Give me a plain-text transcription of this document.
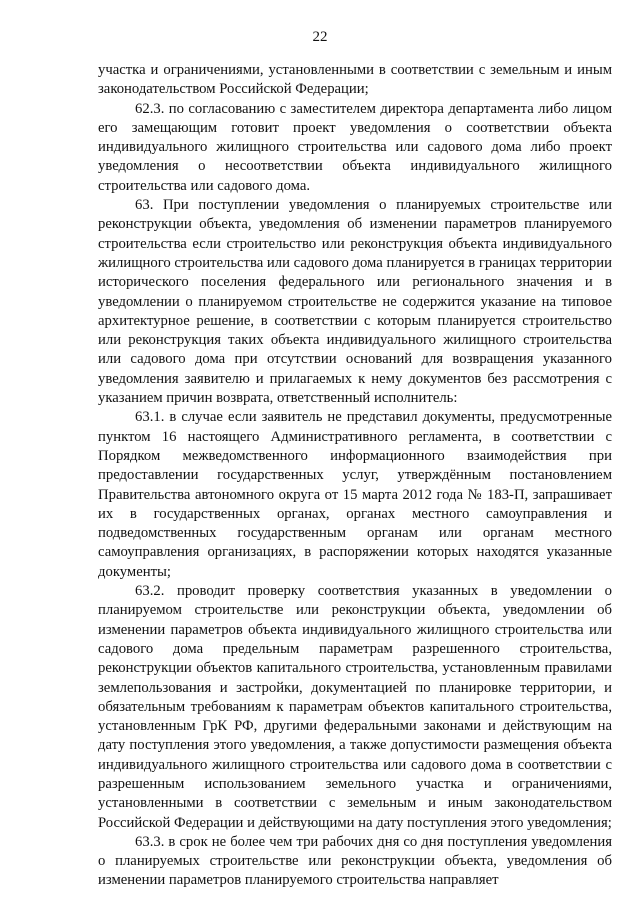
22

участка и ограничениями, установленными в соответствии с земельным и иным законодательством Российской Федерации;

62.3. по согласованию с заместителем директора департамента либо лицом его замещающим готовит проект уведомления о соответствии объекта индивидуального жилищного строительства или садового дома либо проект уведомления о несоответствии объекта индивидуального жилищного строительства или садового дома.

63. При поступлении уведомления о планируемых строительстве или реконструкции объекта, уведомления об изменении параметров планируемого строительства если строительство или реконструкция объекта индивидуального жилищного строительства или садового дома планируется в границах территории исторического поселения федерального или регионального значения и в уведомлении о планируемом строительстве не содержится указание на типовое архитектурное решение, в соответствии с которым планируется строительство или реконструкция таких объекта индивидуального жилищного строительства или садового дома при отсутствии оснований для возвращения указанного уведомления заявителю и прилагаемых к нему документов без рассмотрения с указанием причин возврата, ответственный исполнитель:

63.1. в случае если заявитель не представил документы, предусмотренные пунктом 16 настоящего Административного регламента, в соответствии с Порядком межведомственного информационного взаимодействия при предоставлении государственных услуг, утверждённым постановлением Правительства автономного округа от 15 марта 2012 года № 183-П, запрашивает их в государственных органах, органах местного самоуправления и подведомственных государственным органам или органам местного самоуправления организациях, в распоряжении которых находятся указанные документы;

63.2. проводит проверку соответствия указанных в уведомлении о планируемом строительстве или реконструкции объекта, уведомлении об изменении параметров объекта индивидуального жилищного строительства или садового дома предельным параметрам разрешенного строительства, реконструкции объектов капитального строительства, установленным правилами землепользования и застройки, документацией по планировке территории, и обязательным требованиям к параметрам объектов капитального строительства, установленным ГрК РФ, другими федеральными законами и действующим на дату поступления этого уведомления, а также допустимости размещения объекта индивидуального жилищного строительства или садового дома в соответствии с разрешенным использованием земельного участка и ограничениями, установленными в соответствии с земельным и иным законодательством Российской Федерации и действующими на дату поступления этого уведомления;

63.3. в срок не более чем три рабочих дня со дня поступления уведомления о планируемых строительстве или реконструкции объекта, уведомления об изменении параметров планируемого строительства направляет
